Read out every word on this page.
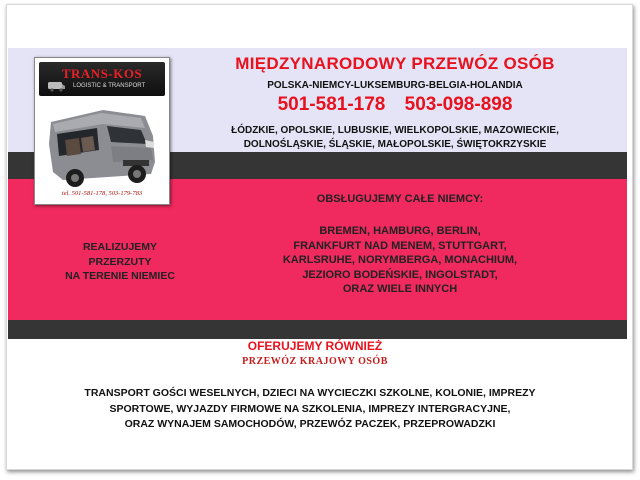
TRANS-KOS
LOGISTIC & TRANSPORT
tel. 501-581-178, 503-179-783
MIĘDZYNARODOWY PRZEWÓZ OSÓB
POLSKA-NIEMCY-LUKSEMBURG-BELGIA-HOLANDIA
501-581-178 503-098-898
ŁÓDZKIE, OPOLSKIE, LUBUSKIE, WIELKOPOLSKIE, MAZOWIECKIE,
DOLNOŚLĄSKIE, ŚLĄSKIE, MAŁOPOLSKIE, ŚWIĘTOKRZYSKIE
OBSŁUGUJEMY CAŁE NIEMCY:
BREMEN, HAMBURG, BERLIN,
FRANKFURT NAD MENEM, STUTTGART,
KARLSRUHE, NORYMBERGA, MONACHIUM,
JEZIORO BODEŃSKIE, INGOLSTADT,
ORAZ WIELE INNYCH
REALIZUJEMY
PRZERZUTY
NA TERENIE NIEMIEC
OFERUJEMY RÓWNIEŻ
PRZEWÓZ KRAJOWY OSÓB
TRANSPORT GOŚCI WESELNYCH, DZIECI NA WYCIECZKI SZKOLNE, KOLONIE, IMPREZY
SPORTOWE, WYJAZDY FIRMOWE NA SZKOLENIA, IMPREZY INTERGRACYJNE,
ORAZ WYNAJEM SAMOCHODÓW, PRZEWÓZ PACZEK, PRZEPROWADZKI
